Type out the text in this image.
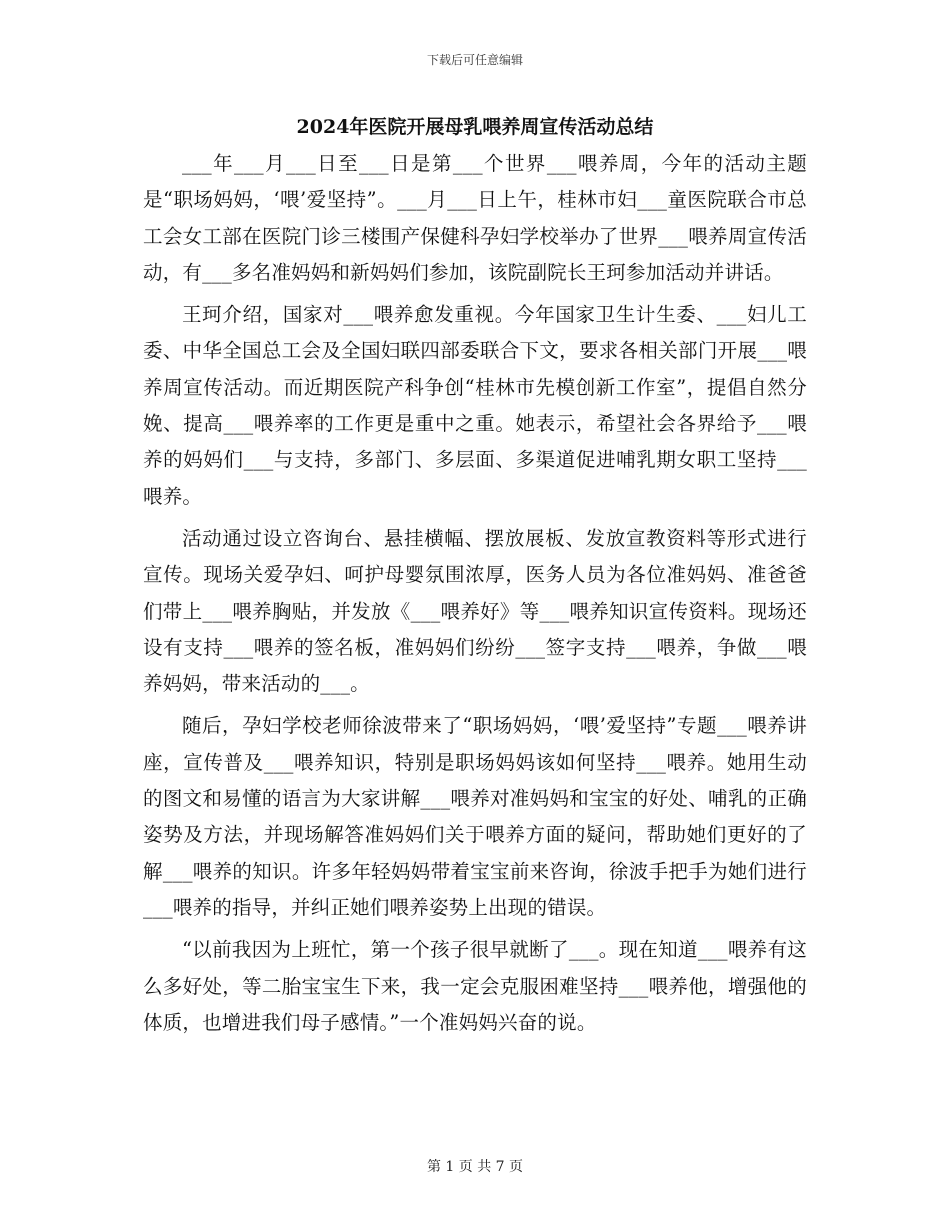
下载后可任意编辑
2024年医院开展母乳喂养周宣传活动总结

___年___月___日至___日是第___个世界___喂养周，今年的活动主题是“职场妈妈，‘喂’爱坚持”。___月___日上午，桂林市妇___童医院联合市总工会女工部在医院门诊三楼围产保健科孕妇学校举办了世界___喂养周宣传活动，有___多名准妈妈和新妈妈们参加，该院副院长王珂参加活动并讲话。

王珂介绍，国家对___喂养愈发重视。今年国家卫生计生委、___妇儿工委、中华全国总工会及全国妇联四部委联合下文，要求各相关部门开展___喂养周宣传活动。而近期医院产科争创“桂林市先模创新工作室”，提倡自然分娩、提高___喂养率的工作更是重中之重。她表示，希望社会各界给予___喂养的妈妈们___与支持，多部门、多层面、多渠道促进哺乳期女职工坚持___喂养。

活动通过设立咨询台、悬挂横幅、摆放展板、发放宣教资料等形式进行宣传。现场关爱孕妇、呵护母婴氛围浓厚，医务人员为各位准妈妈、准爸爸们带上___喂养胸贴，并发放《___喂养好》等___喂养知识宣传资料。现场还设有支持___喂养的签名板，准妈妈们纷纷___签字支持___喂养，争做___喂养妈妈，带来活动的___。

随后，孕妇学校老师徐波带来了“职场妈妈，‘喂’爱坚持”专题___喂养讲座，宣传普及___喂养知识，特别是职场妈妈该如何坚持___喂养。她用生动的图文和易懂的语言为大家讲解___喂养对准妈妈和宝宝的好处、哺乳的正确姿势及方法，并现场解答准妈妈们关于喂养方面的疑问，帮助她们更好的了解___喂养的知识。许多年轻妈妈带着宝宝前来咨询，徐波手把手为她们进行___喂养的指导，并纠正她们喂养姿势上出现的错误。

“以前我因为上班忙，第一个孩子很早就断了___。现在知道___喂养有这么多好处，等二胎宝宝生下来，我一定会克服困难坚持___喂养他，增强他的体质，也增进我们母子感情。”一个准妈妈兴奋的说。

第 1 页 共 7 页
